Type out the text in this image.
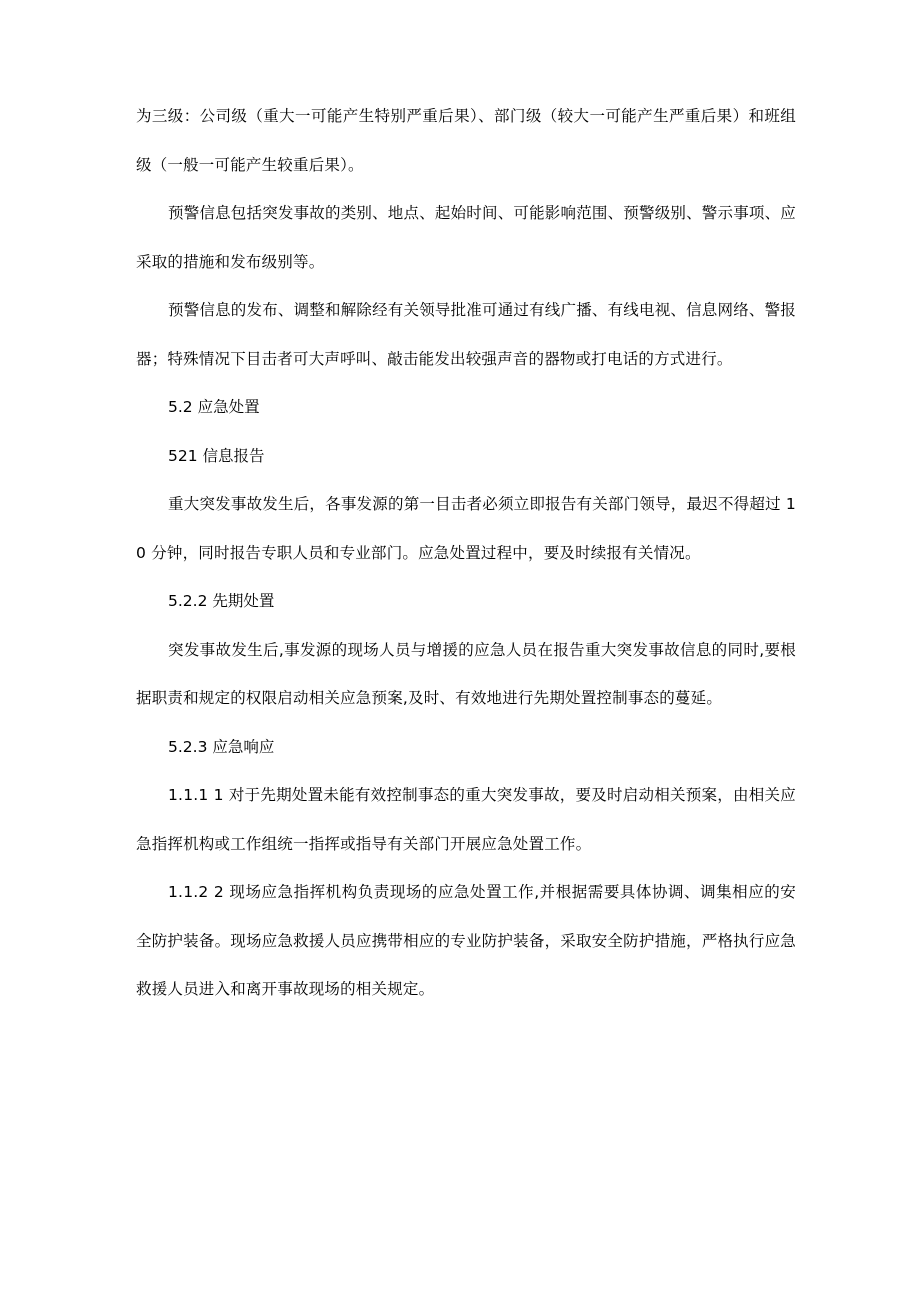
为三级：公司级（重大一可能产生特别严重后果）、部门级（较大一可能产生严重后果）和班组级（一般一可能产生较重后果）。

预警信息包括突发事故的类别、地点、起始时间、可能影响范围、预警级别、警示事项、应采取的措施和发布级别等。

预警信息的发布、调整和解除经有关领导批准可通过有线广播、有线电视、信息网络、警报器；特殊情况下目击者可大声呼叫、敲击能发出较强声音的器物或打电话的方式进行。

5.2 应急处置

521 信息报告

重大突发事故发生后，各事发源的第一目击者必须立即报告有关部门领导，最迟不得超过 10 分钟，同时报告专职人员和专业部门。应急处置过程中，要及时续报有关情况。

5.2.2 先期处置

突发事故发生后,事发源的现场人员与增援的应急人员在报告重大突发事故信息的同时,要根据职责和规定的权限启动相关应急预案,及时、有效地进行先期处置控制事态的蔓延。

5.2.3 应急响应

1.1.1 1 对于先期处置未能有效控制事态的重大突发事故，要及时启动相关预案，由相关应急指挥机构或工作组统一指挥或指导有关部门开展应急处置工作。

1.1.2 2 现场应急指挥机构负责现场的应急处置工作,并根据需要具体协调、调集相应的安全防护装备。现场应急救援人员应携带相应的专业防护装备，采取安全防护措施，严格执行应急救援人员进入和离开事故现场的相关规定。
